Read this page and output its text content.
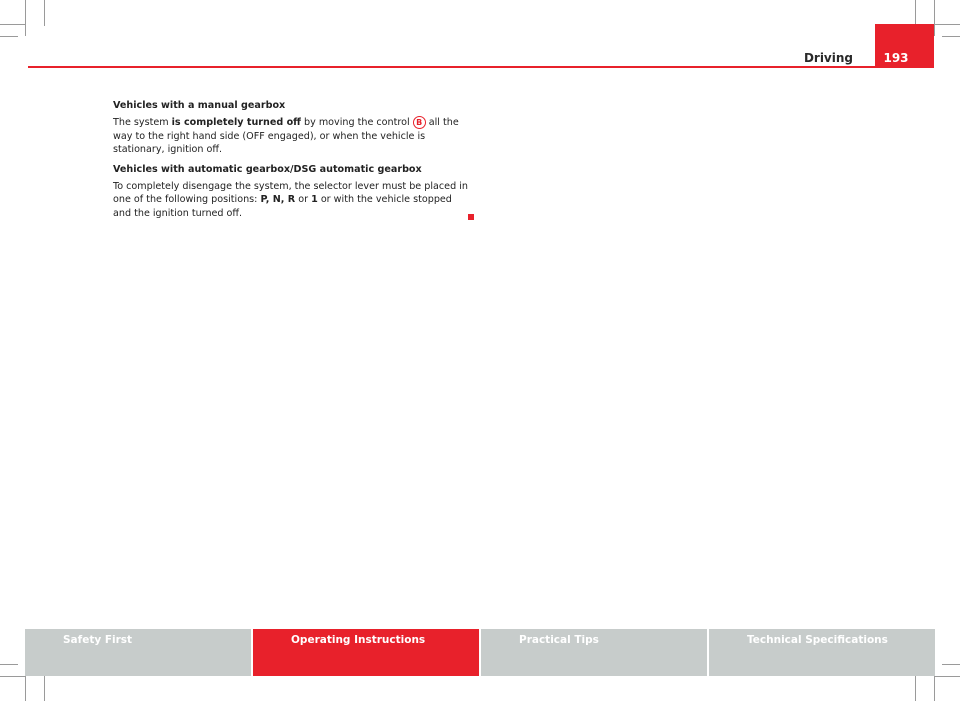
193
Driving

Vehicles with a manual gearbox

The system is completely turned off by moving the control B all the way to the right hand side (OFF engaged), or when the vehicle is stationary, ignition off.

Vehicles with automatic gearbox/DSG automatic gearbox

To completely disengage the system, the selector lever must be placed in one of the following positions: P, N, R or 1 or with the vehicle stopped and the ignition turned off.

Safety First	Operating Instructions	Practical Tips	Technical Specifications
